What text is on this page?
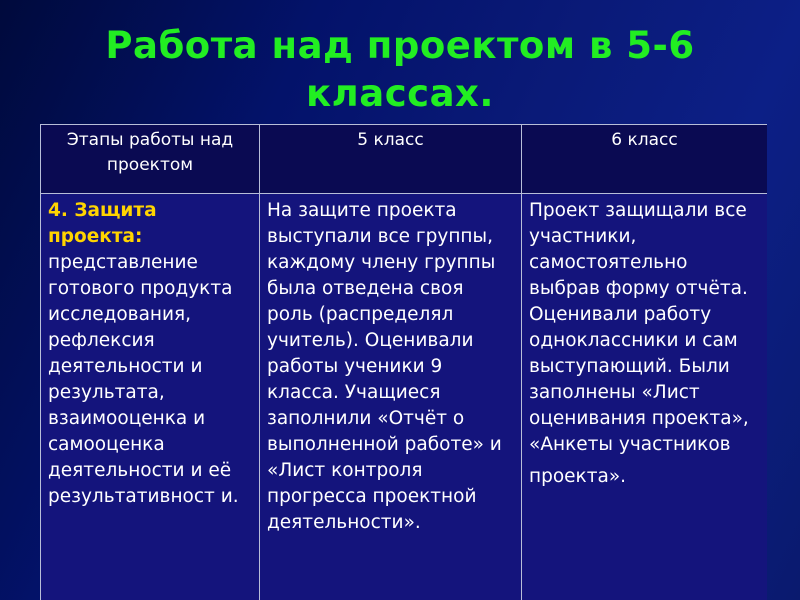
Работа над проектом в 5-6
классах.
Этапы работы над проектом	5 класс	6 класс
4. Защита проекта:
представление готового продукта исследования, рефлексия деятельности и результата, взаимооценка и самооценка деятельности и её результативност и.	На защите проекта выступали все группы, каждому члену группы была отведена своя роль (распределял учитель). Оценивали работы ученики 9 класса. Учащиеся заполнили «Отчёт о выполненной работе» и «Лист контроля прогресса проектной деятельности».	Проект защищали все участники, самостоятельно выбрав форму отчёта. Оценивали работу одноклассники и сам выступающий. Были заполнены «Лист оценивания проекта», «Анкеты участников
проекта».
